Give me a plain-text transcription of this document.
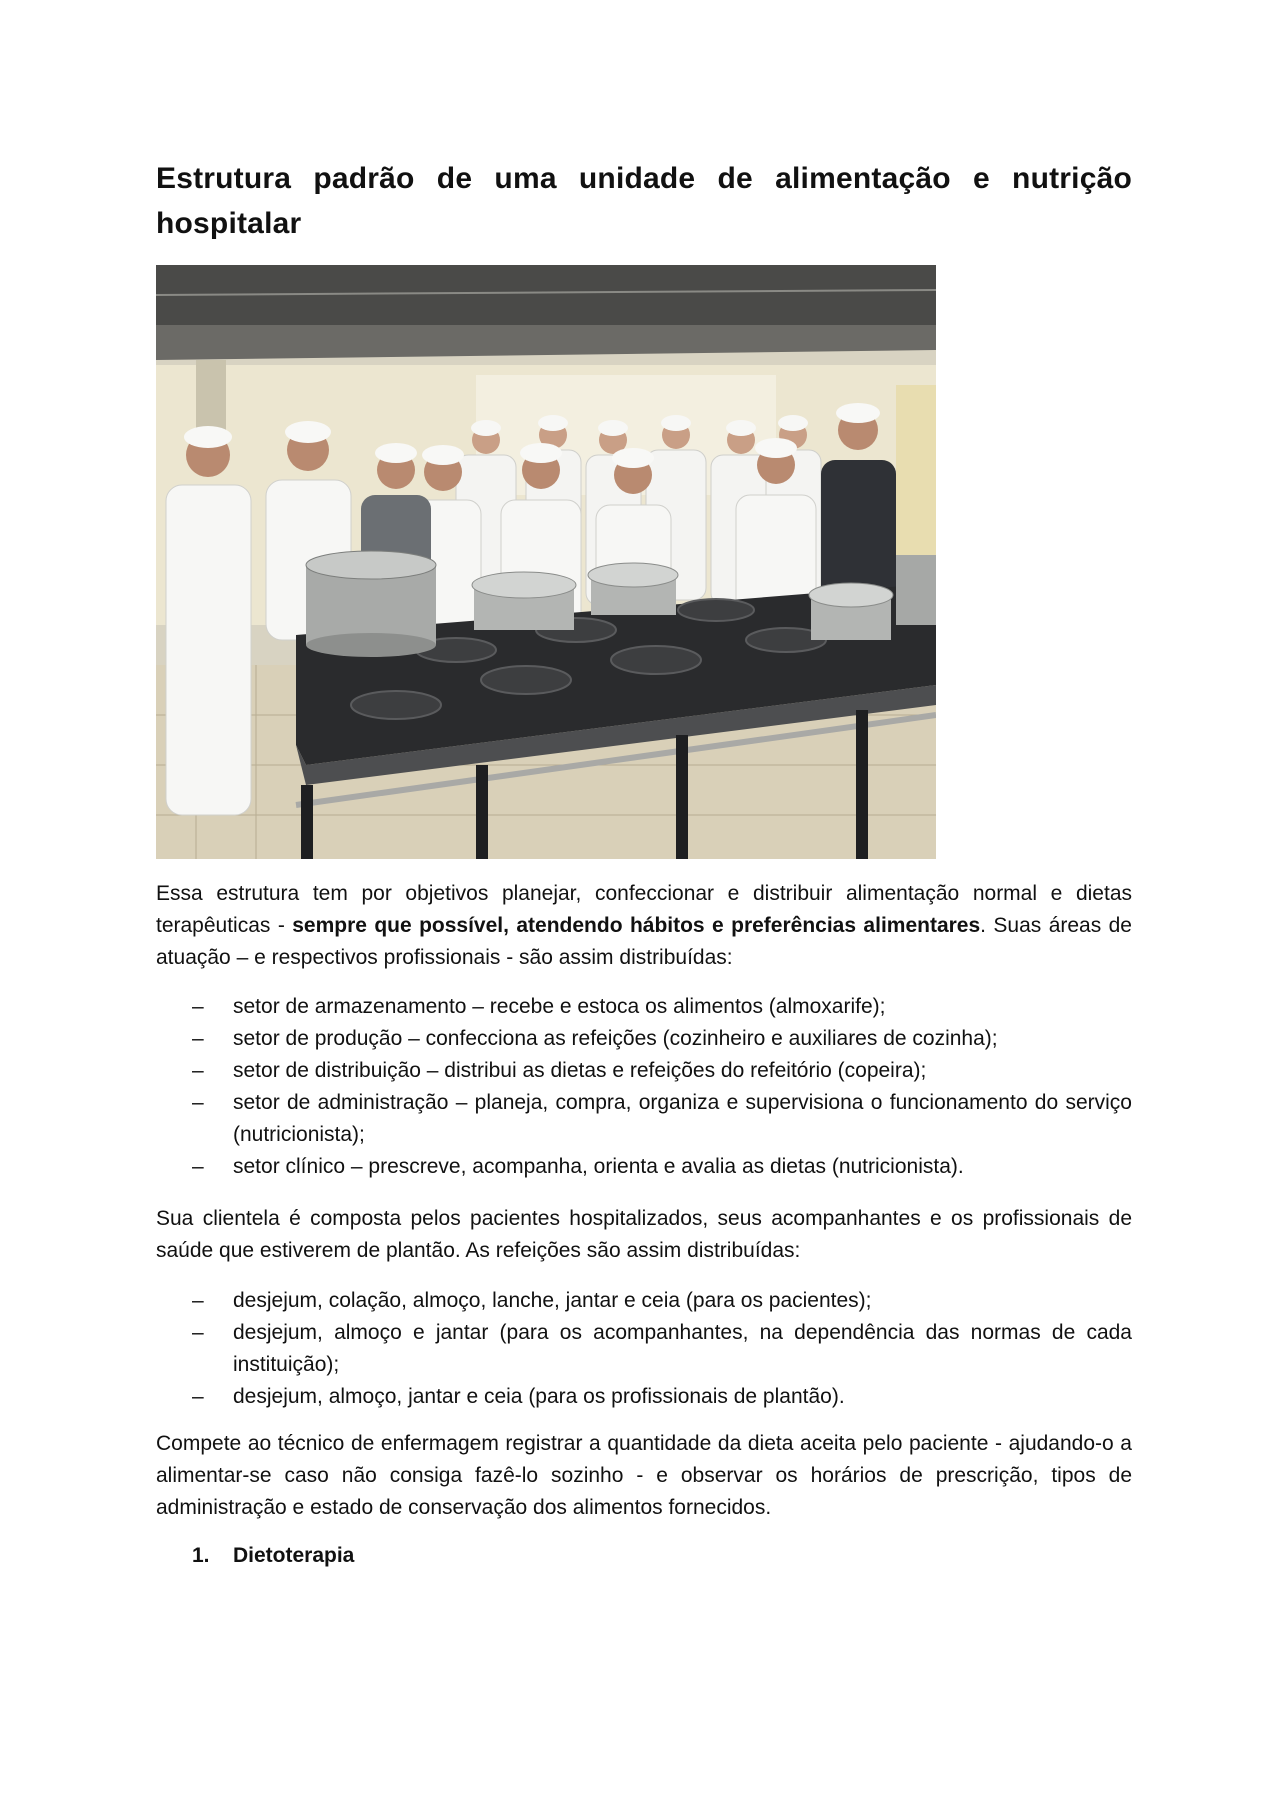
Estrutura padrão de uma unidade de alimentação e nutrição hospitalar
Essa estrutura tem por objetivos planejar, confeccionar e distribuir alimentação normal e dietas terapêuticas - sempre que possível, atendendo hábitos e preferências alimentares. Suas áreas de atuação – e respectivos profissionais - são assim distribuídas:
– setor de armazenamento – recebe e estoca os alimentos (almoxarife);
– setor de produção – confecciona as refeições (cozinheiro e auxiliares de cozinha);
– setor de distribuição – distribui as dietas e refeições do refeitório (copeira);
– setor de administração – planeja, compra, organiza e supervisiona o funcionamento do serviço (nutricionista);
– setor clínico – prescreve, acompanha, orienta e avalia as dietas (nutricionista).
Sua clientela é composta pelos pacientes hospitalizados, seus acompanhantes e os profissionais de saúde que estiverem de plantão. As refeições são assim distribuídas:
– desjejum, colação, almoço, lanche, jantar e ceia (para os pacientes);
– desjejum, almoço e jantar (para os acompanhantes, na dependência das normas de cada instituição);
– desjejum, almoço, jantar e ceia (para os profissionais de plantão).
Compete ao técnico de enfermagem registrar a quantidade da dieta aceita pelo paciente - ajudando-o a alimentar-se caso não consiga fazê-lo sozinho - e observar os horários de prescrição, tipos de administração e estado de conservação dos alimentos fornecidos.
1. Dietoterapia
